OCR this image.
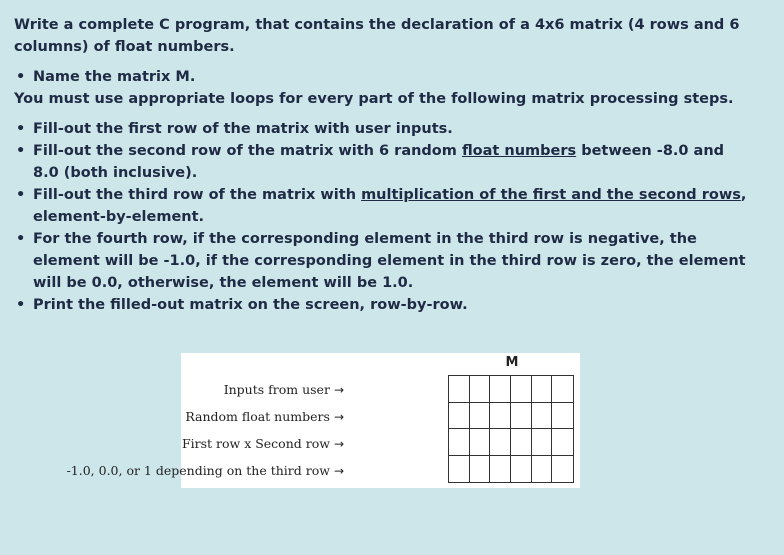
Write a complete C program, that contains the declaration of a 4x6 matrix (4 rows and 6 columns) of float numbers.

• Name the matrix M.

You must use appropriate loops for every part of the following matrix processing steps.

• Fill-out the first row of the matrix with user inputs.
• Fill-out the second row of the matrix with 6 random float numbers between -8.0 and 8.0 (both inclusive).
• Fill-out the third row of the matrix with multiplication of the first and the second rows, element-by-element.
• For the fourth row, if the corresponding element in the third row is negative, the element will be -1.0, if the corresponding element in the third row is zero, the element will be 0.0, otherwise, the element will be 1.0.
• Print the filled-out matrix on the screen, row-by-row.
M
Inputs from user →
Random float numbers →
First row x Second row →
-1.0, 0.0, or 1 depending on the third row →
